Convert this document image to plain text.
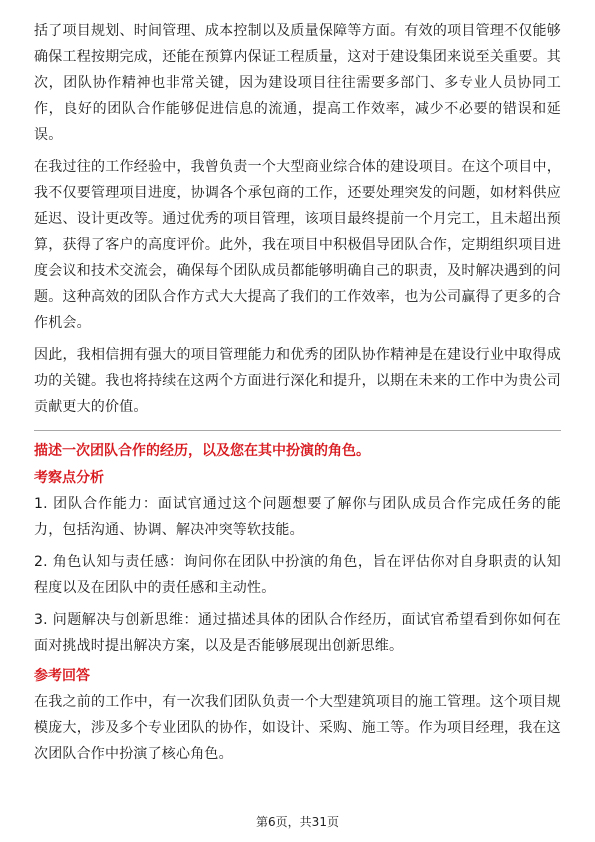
括了项目规划、时间管理、成本控制以及质量保障等方面。有效的项目管理不仅能够确保工程按期完成，还能在预算内保证工程质量，这对于建设集团来说至关重要。其次，团队协作精神也非常关键，因为建设项目往往需要多部门、多专业人员协同工作，良好的团队合作能够促进信息的流通，提高工作效率，减少不必要的错误和延误。

在我过往的工作经验中，我曾负责一个大型商业综合体的建设项目。在这个项目中，我不仅要管理项目进度，协调各个承包商的工作，还要处理突发的问题，如材料供应延迟、设计更改等。通过优秀的项目管理，该项目最终提前一个月完工，且未超出预算，获得了客户的高度评价。此外，我在项目中积极倡导团队合作，定期组织项目进度会议和技术交流会，确保每个团队成员都能够明确自己的职责，及时解决遇到的问题。这种高效的团队合作方式大大提高了我们的工作效率，也为公司赢得了更多的合作机会。

因此，我相信拥有强大的项目管理能力和优秀的团队协作精神是在建设行业中取得成功的关键。我也将持续在这两个方面进行深化和提升，以期在未来的工作中为贵公司贡献更大的价值。

描述一次团队合作的经历，以及您在其中扮演的角色。
考察点分析

1. 团队合作能力：面试官通过这个问题想要了解你与团队成员合作完成任务的能力，包括沟通、协调、解决冲突等软技能。

2. 角色认知与责任感：询问你在团队中扮演的角色，旨在评估你对自身职责的认知程度以及在团队中的责任感和主动性。

3. 问题解决与创新思维：通过描述具体的团队合作经历，面试官希望看到你如何在面对挑战时提出解决方案，以及是否能够展现出创新思维。

参考回答

在我之前的工作中，有一次我们团队负责一个大型建筑项目的施工管理。这个项目规模庞大，涉及多个专业团队的协作，如设计、采购、施工等。作为项目经理，我在这次团队合作中扮演了核心角色。

第6页，共31页
